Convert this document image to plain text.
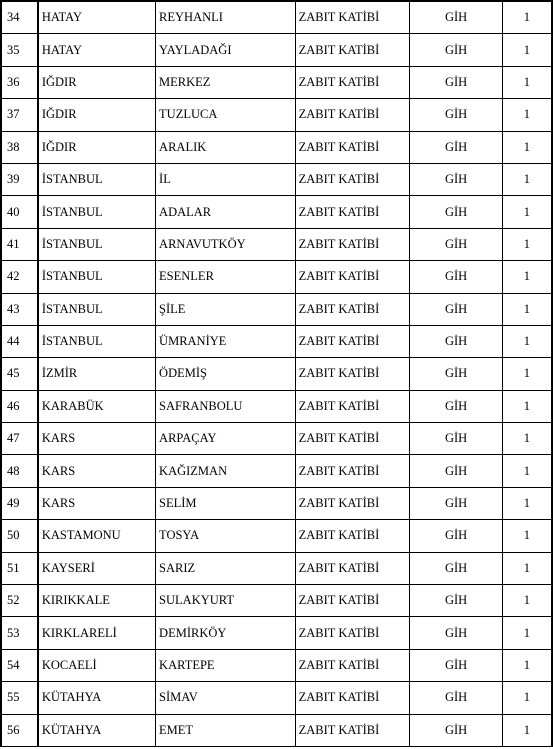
34	HATAY	REYHANLI	ZABIT KATİBİ	GİH	1
35	HATAY	YAYLADAĞI	ZABIT KATİBİ	GİH	1
36	IĞDIR	MERKEZ	ZABIT KATİBİ	GİH	1
37	IĞDIR	TUZLUCA	ZABIT KATİBİ	GİH	1
38	IĞDIR	ARALIK	ZABIT KATİBİ	GİH	1
39	İSTANBUL	İL	ZABIT KATİBİ	GİH	1
40	İSTANBUL	ADALAR	ZABIT KATİBİ	GİH	1
41	İSTANBUL	ARNAVUTKÖY	ZABIT KATİBİ	GİH	1
42	İSTANBUL	ESENLER	ZABIT KATİBİ	GİH	1
43	İSTANBUL	ŞİLE	ZABIT KATİBİ	GİH	1
44	İSTANBUL	ÜMRANİYE	ZABIT KATİBİ	GİH	1
45	İZMİR	ÖDEMİŞ	ZABIT KATİBİ	GİH	1
46	KARABÜK	SAFRANBOLU	ZABIT KATİBİ	GİH	1
47	KARS	ARPAÇAY	ZABIT KATİBİ	GİH	1
48	KARS	KAĞIZMAN	ZABIT KATİBİ	GİH	1
49	KARS	SELİM	ZABIT KATİBİ	GİH	1
50	KASTAMONU	TOSYA	ZABIT KATİBİ	GİH	1
51	KAYSERİ	SARIZ	ZABIT KATİBİ	GİH	1
52	KIRIKKALE	SULAKYURT	ZABIT KATİBİ	GİH	1
53	KIRKLARELİ	DEMİRKÖY	ZABIT KATİBİ	GİH	1
54	KOCAELİ	KARTEPE	ZABIT KATİBİ	GİH	1
55	KÜTAHYA	SİMAV	ZABIT KATİBİ	GİH	1
56	KÜTAHYA	EMET	ZABIT KATİBİ	GİH	1
